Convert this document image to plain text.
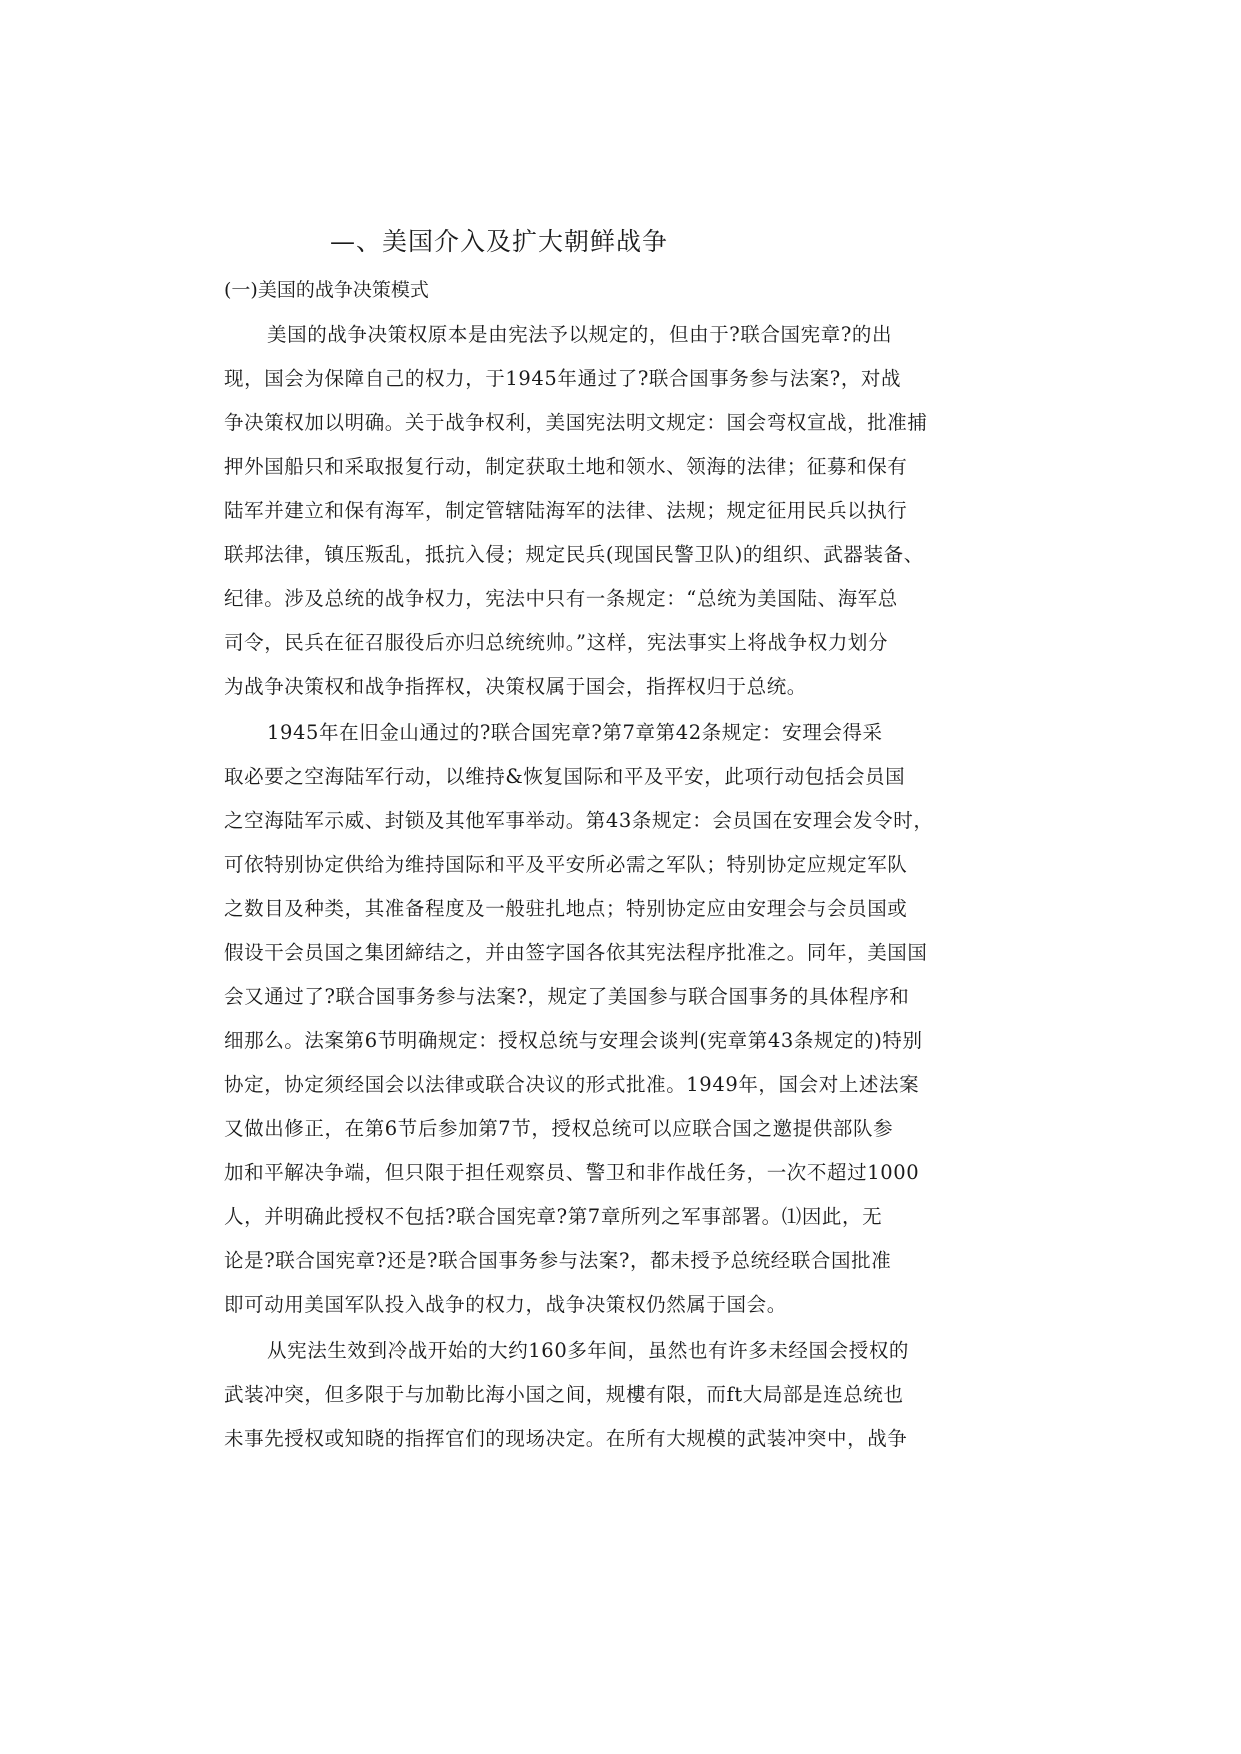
—、美国介入及扩大朝鲜战争
(一)美国的战争决策模式
美国的战争决策权原本是由宪法予以规定的，但由于?联合国宪章?的出
现，国会为保障自己的权力，于1945年通过了?联合国事务参与法案?，对战
争决策权加以明确。关于战争权利，美国宪法明文规定：国会弯权宣战，批准捕
押外国船只和采取报复行动，制定获取土地和领水、领海的法律；征募和保有
陆军并建立和保有海军，制定管辖陆海军的法律、法规；规定征用民兵以执行
联邦法律，镇压叛乱，抵抗入侵；规定民兵(现国民警卫队)的组织、武器装备、
纪律。涉及总统的战争权力，宪法中只有一条规定：“总统为美国陆、海军总
司令，民兵在征召服役后亦归总统统帅。”这样，宪法事实上将战争权力划分
为战争决策权和战争指挥权，决策权属于国会，指挥权归于总统。
1945年在旧金山通过的?联合国宪章?第7章第42条规定：安理会得采
取必要之空海陆军行动，以维持&恢复国际和平及平安，此项行动包括会员国
之空海陆军示威、封锁及其他军事举动。第43条规定：会员国在安理会发令时，
可依特别协定供给为维持国际和平及平安所必需之军队；特别协定应规定军队
之数目及种类，其准备程度及一般驻扎地点；特别协定应由安理会与会员国或
假设干会员国之集团締结之，并由签字国各依其宪法程序批准之。同年，美国国
会又通过了?联合国事务参与法案?，规定了美国参与联合国事务的具体程序和
细那么。法案第6节明确规定：授权总统与安理会谈判(宪章第43条规定的)特别
协定，协定须经国会以法律或联合决议的形式批准。1949年，国会对上述法案
又做出修正，在第6节后参加第7节，授权总统可以应联合国之邀提供部队参
加和平解决争端，但只限于担任观察员、警卫和非作战任务，一次不超过1000
人，并明确此授权不包括?联合国宪章?第7章所列之军事部署。⑴因此，无
论是?联合国宪章?还是?联合国事务参与法案?，都未授予总统经联合国批准
即可动用美国军队投入战争的权力，战争决策权仍然属于国会。
从宪法生效到冷战开始的大约160多年间，虽然也有许多未经国会授权的
武装冲突，但多限于与加勒比海小国之间，规樓有限，而ft大局部是连总统也
未事先授权或知晓的指挥官们的现场决定。在所有大规模的武装冲突中，战争
